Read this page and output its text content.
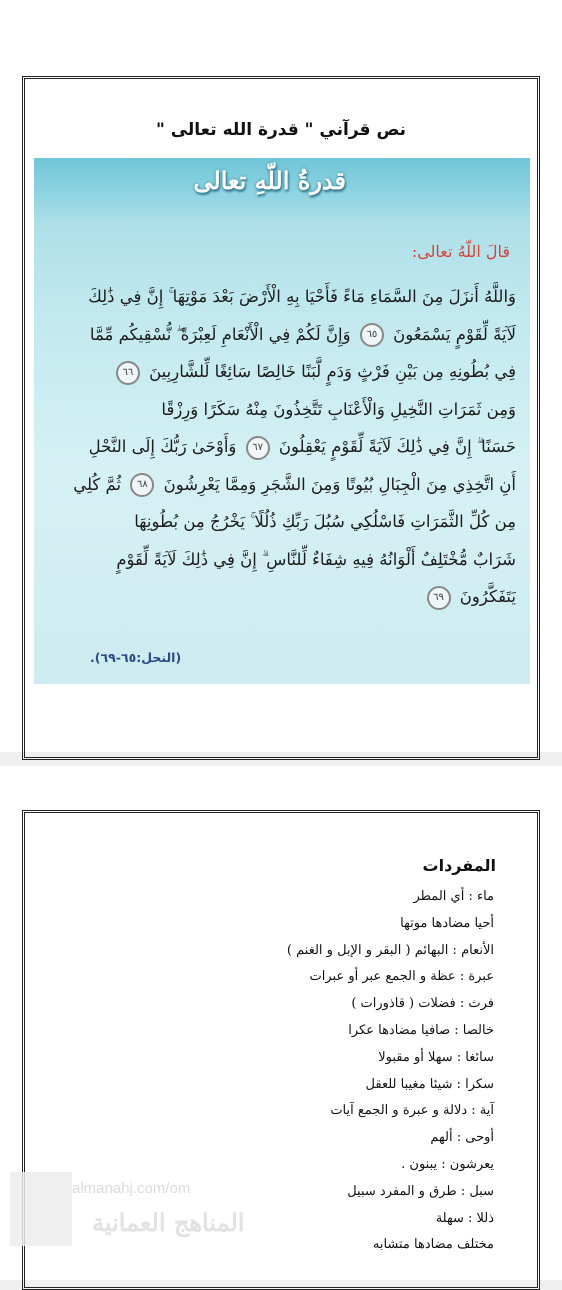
نص قرآني " قدرة الله تعالى "
قدرةُ اللّهِ تعالى
قالَ اللّهُ تعالى:
وَاللَّهُ أَنزَلَ مِنَ السَّمَاءِ مَاءً فَأَحْيَا بِهِ الْأَرْضَ بَعْدَ مَوْتِهَا ۚ إِنَّ فِي ذَٰلِكَ
لَآيَةً لِّقَوْمٍ يَسْمَعُونَ ٦٥ وَإِنَّ لَكُمْ فِي الْأَنْعَامِ لَعِبْرَةً ۖ نُّسْقِيكُم مِّمَّا
فِي بُطُونِهِ مِن بَيْنِ فَرْثٍ وَدَمٍ لَّبَنًا خَالِصًا سَائِغًا لِّلشَّارِبِينَ ٦٦
وَمِن ثَمَرَاتِ النَّخِيلِ وَالْأَعْنَابِ تَتَّخِذُونَ مِنْهُ سَكَرًا وَرِزْقًا
حَسَنًا ۗ إِنَّ فِي ذَٰلِكَ لَآيَةً لِّقَوْمٍ يَعْقِلُونَ ٦٧ وَأَوْحَىٰ رَبُّكَ إِلَى النَّحْلِ
أَنِ اتَّخِذِي مِنَ الْجِبَالِ بُيُوتًا وَمِنَ الشَّجَرِ وَمِمَّا يَعْرِشُونَ ٦٨ ثُمَّ كُلِي
مِن كُلِّ الثَّمَرَاتِ فَاسْلُكِي سُبُلَ رَبِّكِ ذُلُلًا ۚ يَخْرُجُ مِن بُطُونِهَا
شَرَابٌ مُّخْتَلِفٌ أَلْوَانُهُ فِيهِ شِفَاءٌ لِّلنَّاسِ ۗ إِنَّ فِي ذَٰلِكَ لَآيَةً لِّقَوْمٍ
يَتَفَكَّرُونَ ٦٩
(النحل:٦٥-٦٩).
المفردات
ماء : أي المطر
أحيا مضادها موتها
الأنعام : البهائم ( البقر و الإبل و الغنم )
عبرة : عظة و الجمع عبر أو عبرات
فرث : فضلات ( قاذورات )
خالصا : صافيا مضادها عكرا
سائغا : سهلا أو مقبولا
سكرا : شيئا مغيبا للعقل
آية : دلالة و عبرة و الجمع آيات
أوحى : ألهم
يعرشون : يبنون .
سبل : طرق و المفرد سبيل
ذللا : سهلة
مختلف مضادها متشابه
almanahj.com/om
المناهج العمانية
